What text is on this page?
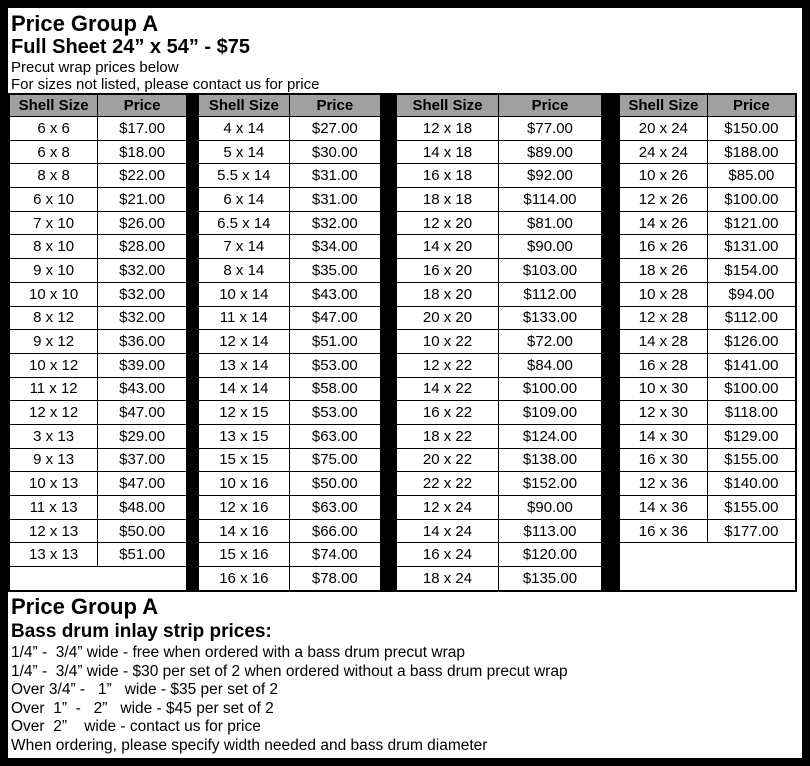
Price Group A
Full Sheet 24” x 54” - $75
Precut wrap prices below
For sizes not listed, please contact us for price
Shell Size	Price
6 x 6	$17.00
6 x 8	$18.00
8 x 8	$22.00
6 x 10	$21.00
7 x 10	$26.00
8 x 10	$28.00
9 x 10	$32.00
10 x 10	$32.00
8 x 12	$32.00
9 x 12	$36.00
10 x 12	$39.00
11 x 12	$43.00
12 x 12	$47.00
3 x 13	$29.00
9 x 13	$37.00
10 x 13	$47.00
11 x 13	$48.00
12 x 13	$50.00
13 x 13	$51.00

Shell Size	Price
4 x 14	$27.00
5 x 14	$30.00
5.5 x 14	$31.00
6 x 14	$31.00
6.5 x 14	$32.00
7 x 14	$34.00
8 x 14	$35.00
10 x 14	$43.00
11 x 14	$47.00
12 x 14	$51.00
13 x 14	$53.00
14 x 14	$58.00
12 x 15	$53.00
13 x 15	$63.00
15 x 15	$75.00
10 x 16	$50.00
12 x 16	$63.00
14 x 16	$66.00
15 x 16	$74.00
16 x 16	$78.00
Shell Size	Price
12 x 18	$77.00
14 x 18	$89.00
16 x 18	$92.00
18 x 18	$114.00
12 x 20	$81.00
14 x 20	$90.00
16 x 20	$103.00
18 x 20	$112.00
20 x 20	$133.00
10 x 22	$72.00
12 x 22	$84.00
14 x 22	$100.00
16 x 22	$109.00
18 x 22	$124.00
20 x 22	$138.00
22 x 22	$152.00
12 x 24	$90.00
14 x 24	$113.00
16 x 24	$120.00
18 x 24	$135.00
Shell Size	Price
20 x 24	$150.00
24 x 24	$188.00
10 x 26	$85.00
12 x 26	$100.00
14 x 26	$121.00
16 x 26	$131.00
18 x 26	$154.00
10 x 28	$94.00
12 x 28	$112.00
14 x 28	$126.00
16 x 28	$141.00
10 x 30	$100.00
12 x 30	$118.00
14 x 30	$129.00
16 x 30	$155.00
12 x 36	$140.00
14 x 36	$155.00
16 x 36	$177.00

Price Group A
Bass drum inlay strip prices:
1/4” -  3/4” wide - free when ordered with a bass drum precut wrap
1/4” -  3/4” wide - $30 per set of 2 when ordered without a bass drum precut wrap
Over 3/4” -   1”   wide - $35 per set of 2
Over  1”  -   2”   wide - $45 per set of 2
Over  2”    wide - contact us for price
When ordering, please specify width needed and bass drum diameter
